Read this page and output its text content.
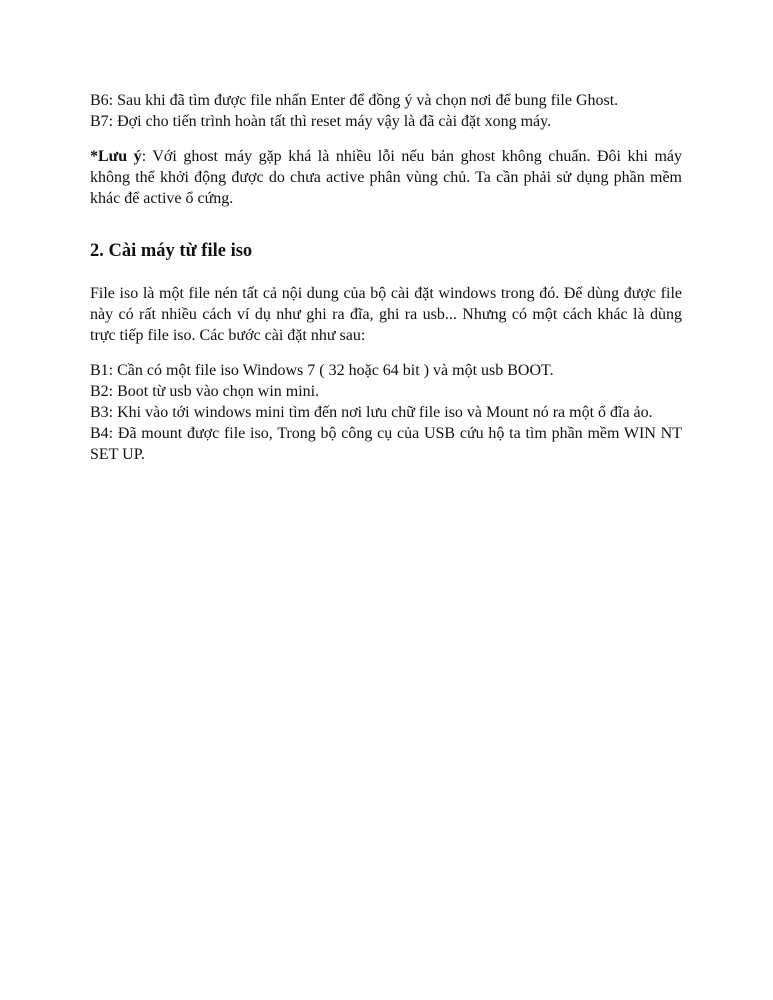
B6: Sau khi đã tìm được file nhấn Enter để đồng ý và chọn nơi để bung file Ghost.

B7: Đợi cho tiến trình hoàn tất thì reset máy vậy là đã cài đặt xong máy.

*Lưu ý: Với ghost máy gặp khá là nhiều lỗi nếu bản ghost không chuẩn. Đôi khi máy không thể khởi động được do chưa active phân vùng chủ. Ta cần phải sử dụng phần mềm khác để active ổ cứng.

2. Cài máy từ file iso

File iso là một file nén tất cả nội dung của bộ cài đặt windows trong đó. Để dùng được file này có rất nhiều cách ví dụ như ghi ra đĩa, ghi ra usb... Nhưng có một cách khác là dùng trực tiếp file iso. Các bước cài đặt như sau:

B1: Cần có một file iso Windows 7 ( 32 hoặc 64 bit ) và một usb BOOT.

B2: Boot từ usb vào chọn win mini.

B3: Khi vào tới windows mini tìm đến nơi lưu chữ file iso và Mount nó ra một ổ đĩa ảo.

B4: Đã mount được file iso, Trong bộ công cụ của USB cứu hộ ta tìm phần mềm WIN NT SET UP.
